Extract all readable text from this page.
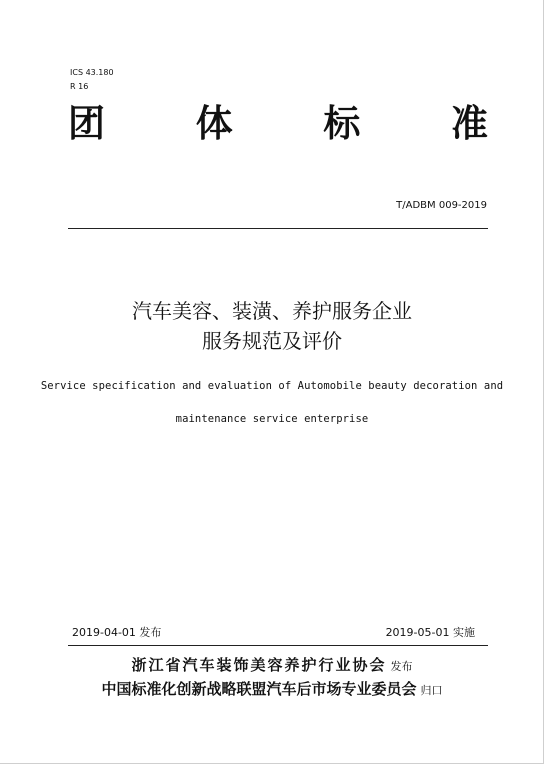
ICS 43.180
R 16
团 体 标 准
T/ADBM 009-2019
汽车美容、装潢、养护服务企业
服务规范及评价
Service specification and evaluation of Automobile beauty decoration and
maintenance service enterprise
2019-04-01 发布	2019-05-01 实施
浙江省汽车装饰美容养护行业协会 发布
中国标准化创新战略联盟汽车后市场专业委员会 归口
